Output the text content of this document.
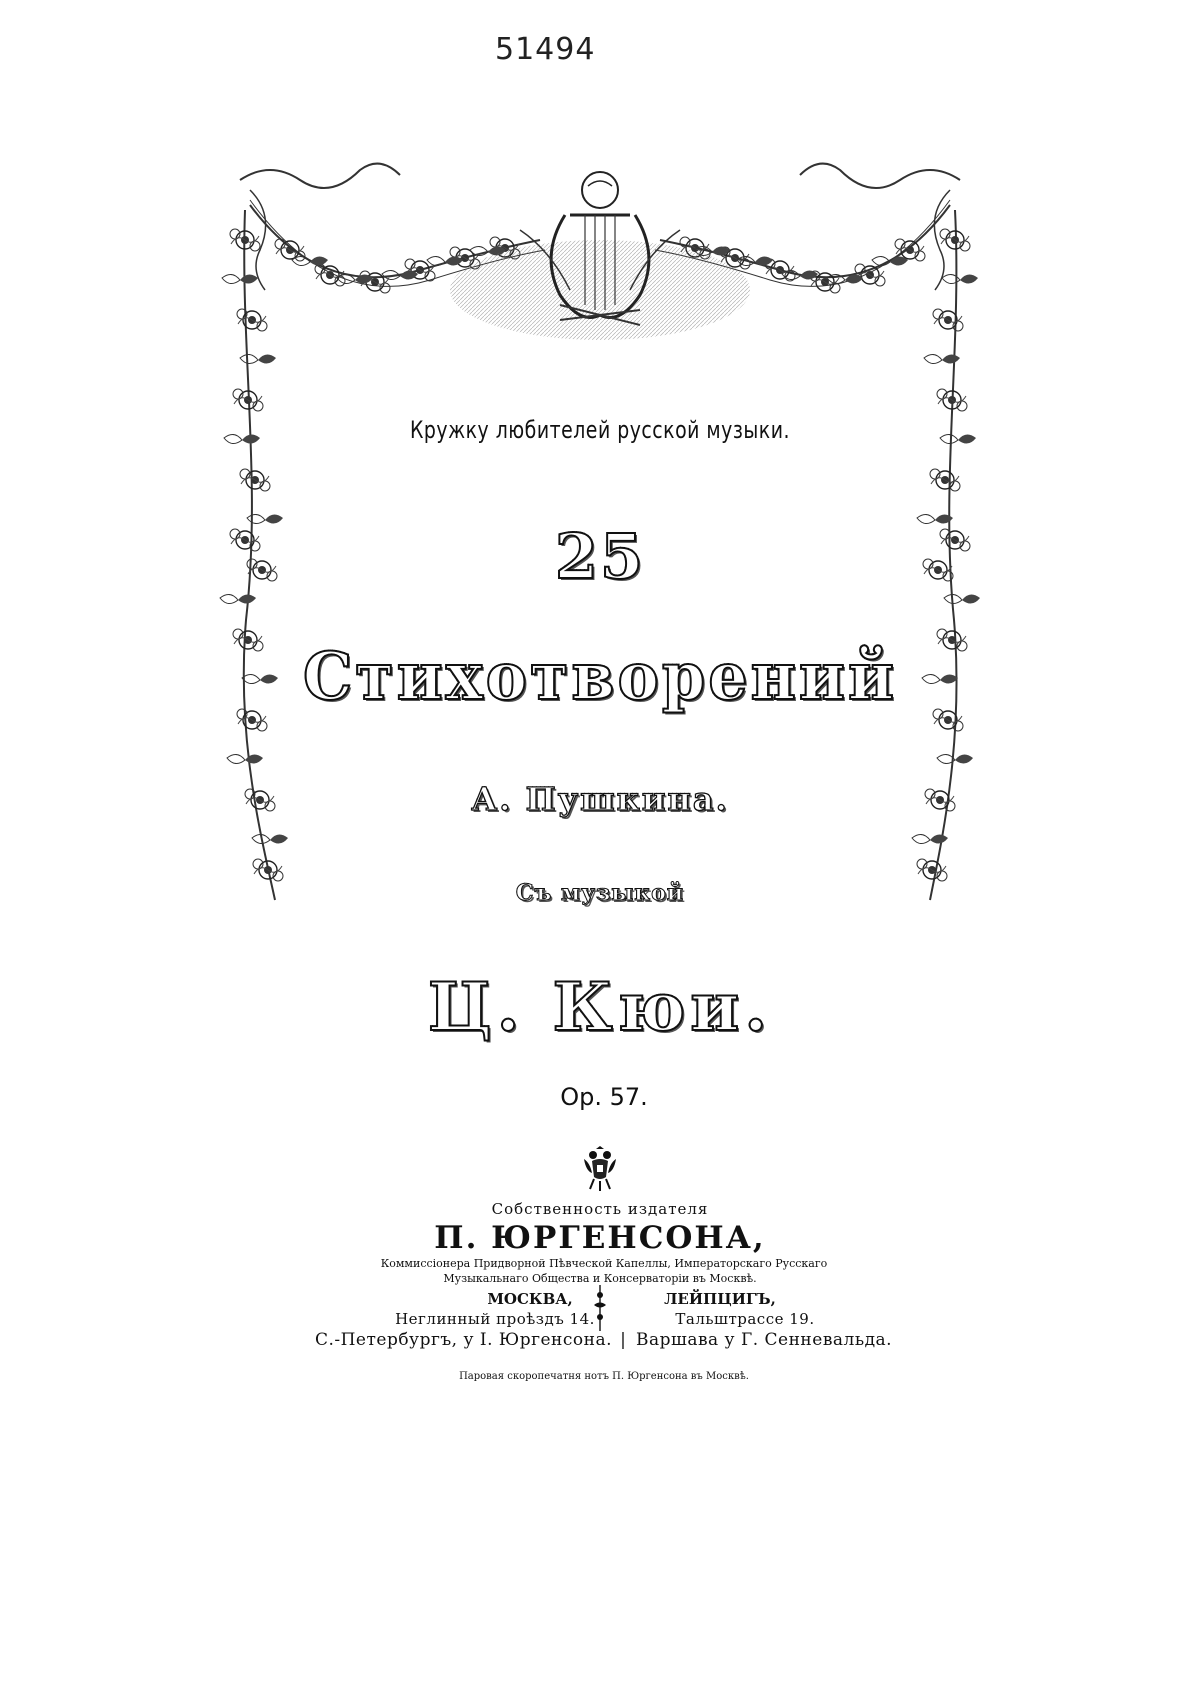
51494
Кружку любителей русской музыки.
25
Стихотворений
А. Пушкина.
Съ музыкой
Ц. Кюи.
Op. 57.
Собственность издателя
П. ЮРГЕНСОНА,
Коммиссіонера Придворной Пѣвческой Капеллы, Императорскаго Русскаго
Музыкальнаго Общества и Консерваторіи въ Москвѣ.
МОСКВА,
Неглинный проѣздъ 14.
ЛЕЙПЦИГЪ,
Тальштрассе 19.
С.-Петербургъ, у І. Юргенсона. | Варшава у Г. Сенневальда.
Паровая скоропечатня нотъ П. Юргенсона въ Москвѣ.
